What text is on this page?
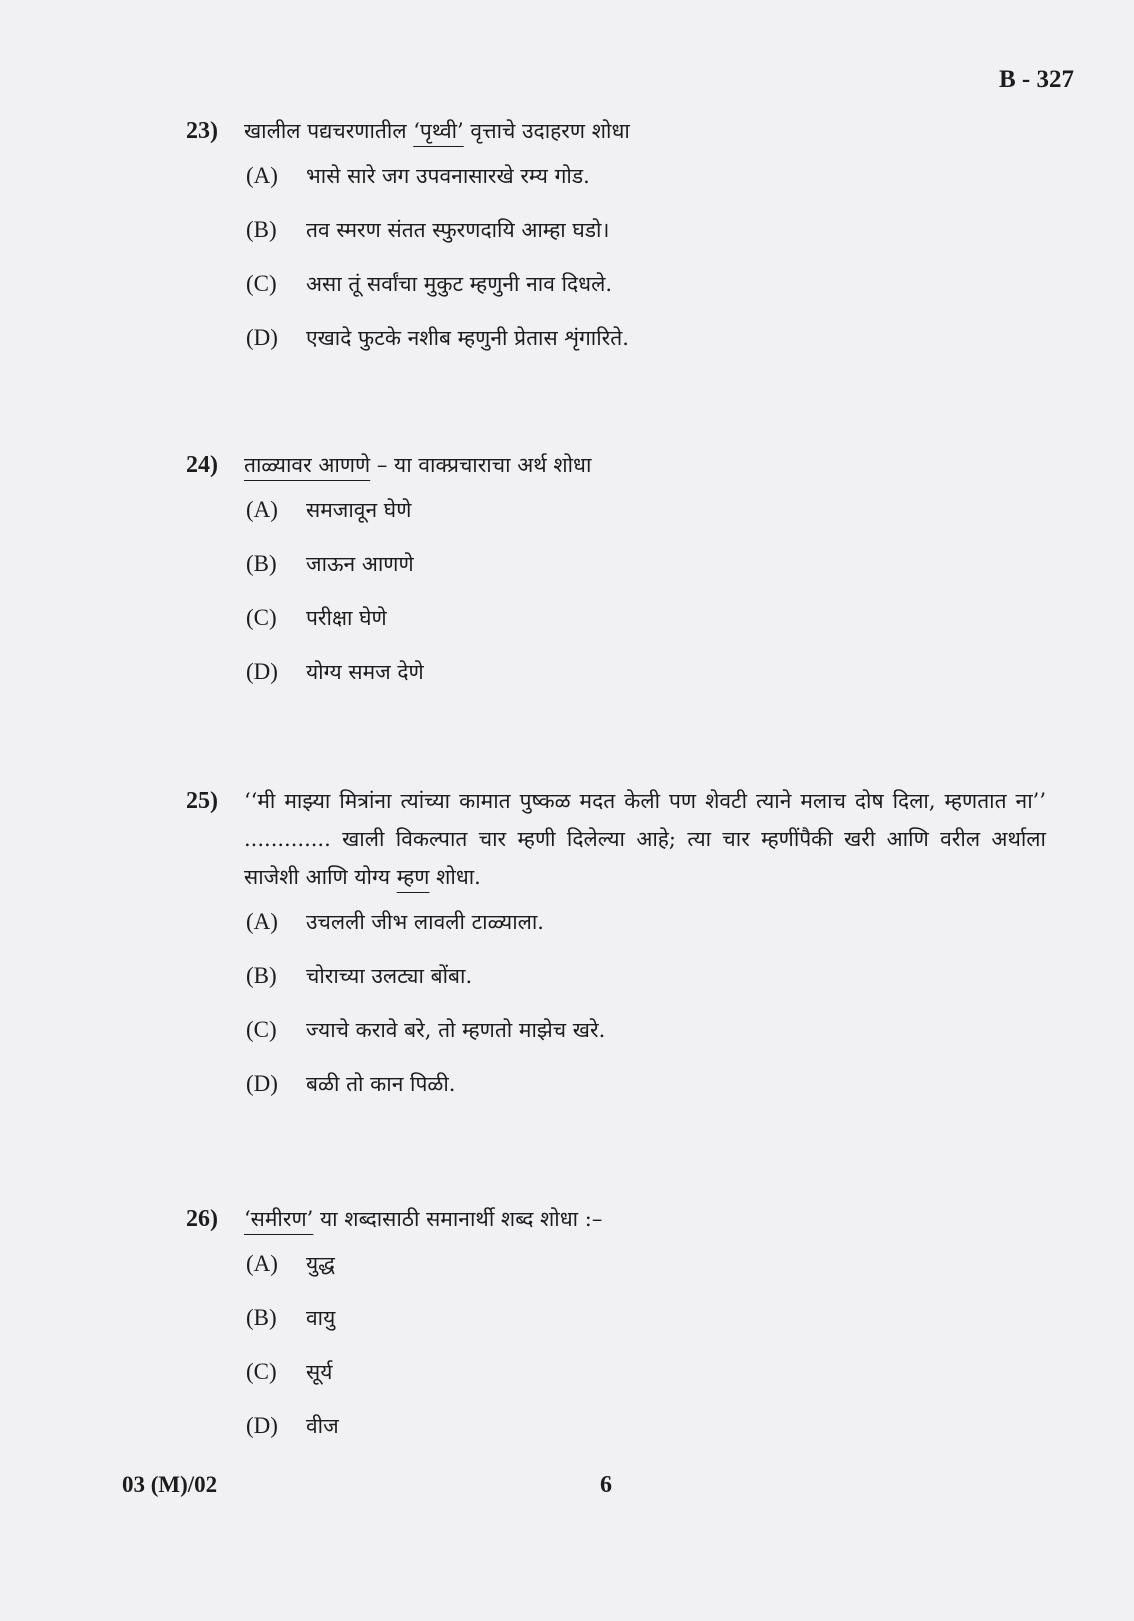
B - 327
23)	खालील पद्यचरणातील ‘पृथ्वी’ वृत्ताचे उदाहरण शोधा
(A)	भासे सारे जग उपवनासारखे रम्य गोड.
(B)	तव स्मरण संतत स्फुरणदायि आम्हा घडो।
(C)	असा तूं सर्वांचा मुकुट म्हणुनी नाव दिधले.
(D)	एखादे फुटके नशीब म्हणुनी प्रेतास शृंगारिते.
24)	ताळ्यावर आणणे – या वाक्प्रचाराचा अर्थ शोधा
(A)	समजावून घेणे
(B)	जाऊन आणणे
(C)	परीक्षा घेणे
(D)	योग्य समज देणे
25)	‘‘मी माझ्या मित्रांना त्यांच्या कामात पुष्कळ मदत केली पण शेवटी त्याने मलाच दोष दिला, म्हणतात ना’’ ............. खाली विकल्पात चार म्हणी दिलेल्या आहे; त्या चार म्हणींपैकी खरी आणि वरील अर्थाला साजेशी आणि योग्य म्हण शोधा.
(A)	उचलली जीभ लावली टाळ्याला.
(B)	चोराच्या उलट्या बोंबा.
(C)	ज्याचे करावे बरे, तो म्हणतो माझेच खरे.
(D)	बळी तो कान पिळी.
26)	‘समीरण’ या शब्दासाठी समानार्थी शब्द शोधा :–
(A)	युद्ध
(B)	वायु
(C)	सूर्य
(D)	वीज
03 (M)/02	6
